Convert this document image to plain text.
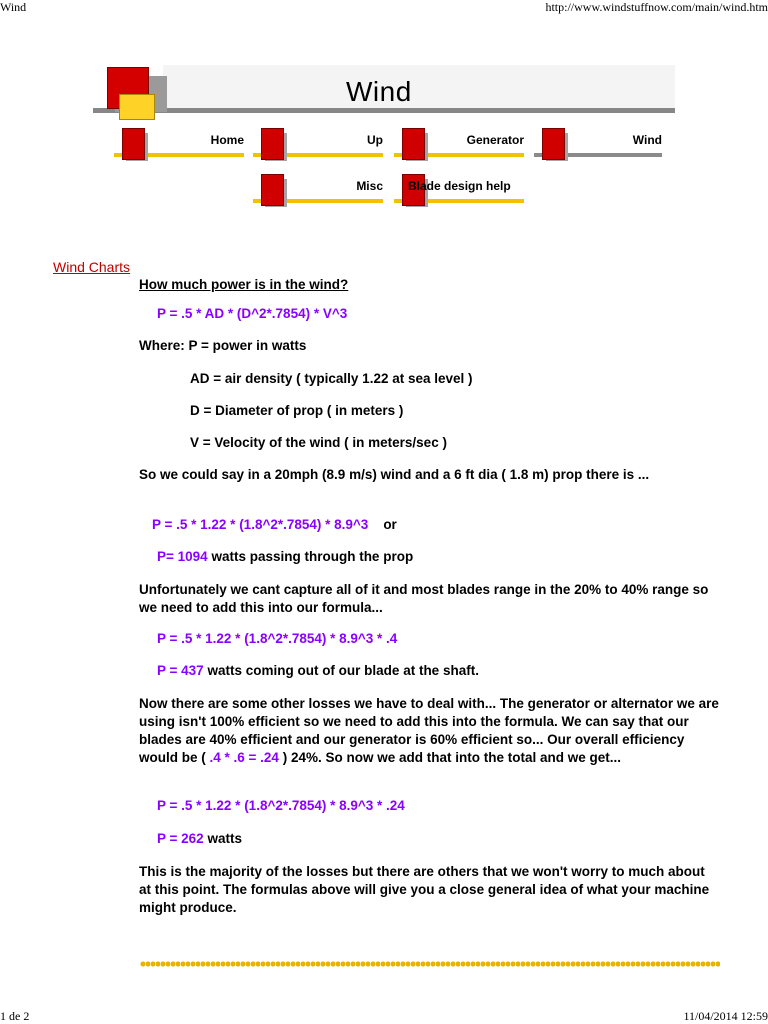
Wind	http://www.windstuffnow.com/main/wind.htm
Wind
Home	Up	Generator	Wind
Misc Blade design help
Wind Charts
How much power is in the wind?
P = .5 * AD * (D^2*.7854) * V^3
Where: P = power in watts
AD = air density ( typically 1.22 at sea level )
D = Diameter of prop ( in meters )
V = Velocity of the wind ( in meters/sec )
So we could say in a 20mph (8.9 m/s) wind and a 6 ft dia ( 1.8 m) prop there is ...
P = .5 * 1.22 * (1.8^2*.7854) * 8.9^3 or
P= 1094 watts passing through the prop
Unfortunately we cant capture all of it and most blades range in the 20% to 40% range so we need to add this into our formula...
P = .5 * 1.22 * (1.8^2*.7854) * 8.9^3 * .4
P = 437 watts coming out of our blade at the shaft.
Now there are some other losses we have to deal with... The generator or alternator we are using isn't 100% efficient so we need to add this into the formula. We can say that our blades are 40% efficient and our generator is 60% efficient so... Our overall efficiency would be ( .4 * .6 = .24 ) 24%. So now we add that into the total and we get...
P = .5 * 1.22 * (1.8^2*.7854) * 8.9^3 * .24
P = 262 watts
This is the majority of the losses but there are others that we won't worry to much about at this point. The formulas above will give you a close general idea of what your machine might produce.
1 de 2	11/04/2014 12:59
